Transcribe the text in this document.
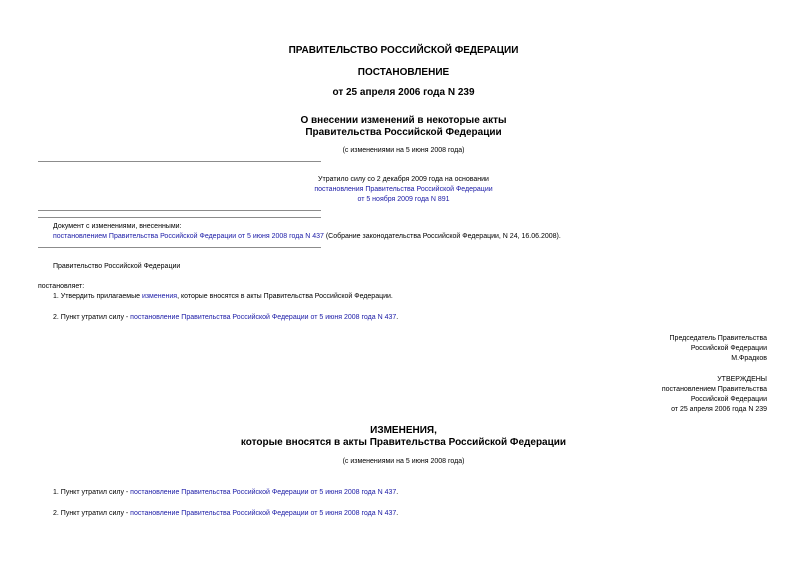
ПРАВИТЕЛЬСТВО РОССИЙСКОЙ ФЕДЕРАЦИИ
ПОСТАНОВЛЕНИЕ
от 25 апреля 2006 года N 239
О внесении изменений в некоторые акты
Правительства Российской Федерации
(с изменениями на 5 июня 2008 года)
Утратило силу со 2 декабря 2009 года на основании
постановления Правительства Российской Федерации
от 5 ноября 2009 года N 891
Документ с изменениями, внесенными:
постановлением Правительства Российской Федерации от 5 июня 2008 года N 437 (Собрание законодательства Российской Федерации, N 24, 16.06.2008).
Правительство Российской Федерации
постановляет:
1. Утвердить прилагаемые изменения, которые вносятся в акты Правительства Российской Федерации.
2. Пункт утратил силу - постановление Правительства Российской Федерации от 5 июня 2008 года N 437.
Председатель Правительства
Российской Федерации
М.Фрадков
УТВЕРЖДЕНЫ
постановлением Правительства
Российской Федерации
от 25 апреля 2006 года N 239
ИЗМЕНЕНИЯ,
которые вносятся в акты Правительства Российской Федерации
(с изменениями на 5 июня 2008 года)
1. Пункт утратил силу - постановление Правительства Российской Федерации от 5 июня 2008 года N 437.
2. Пункт утратил силу - постановление Правительства Российской Федерации от 5 июня 2008 года N 437.
